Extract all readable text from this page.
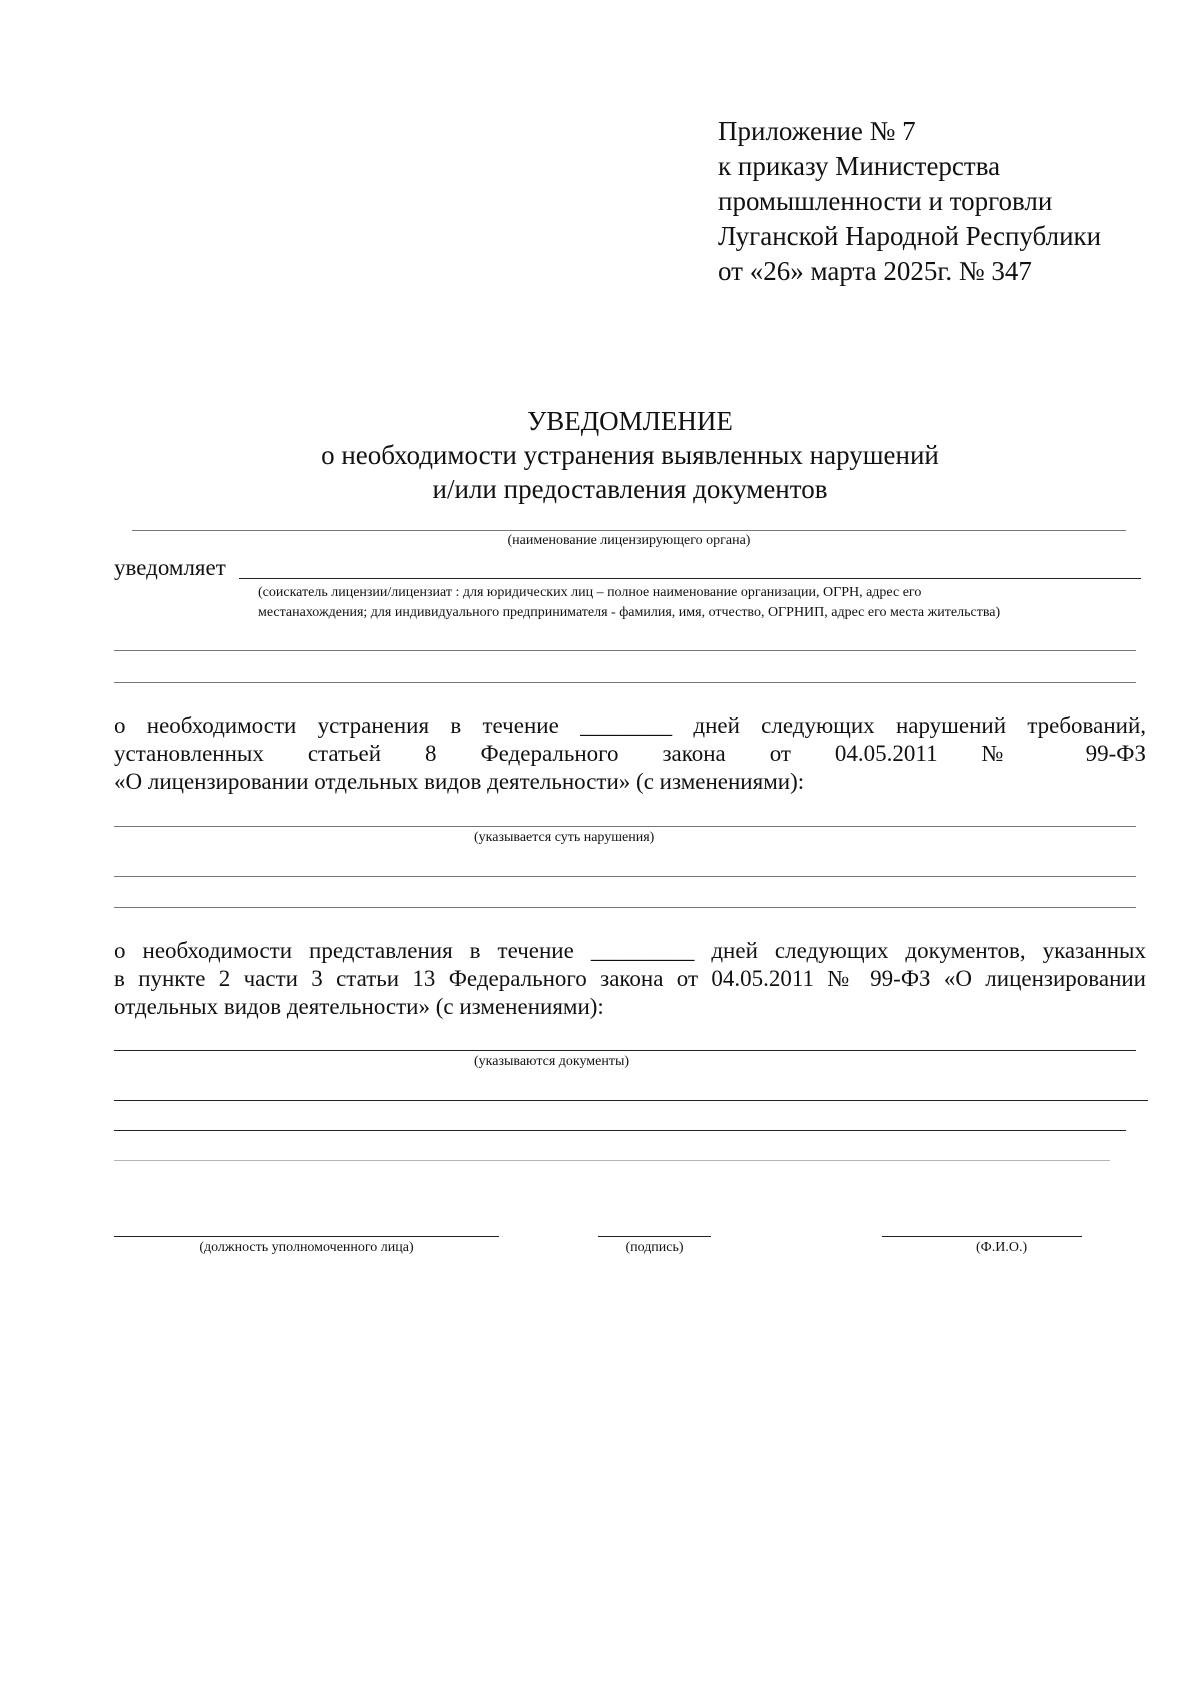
Приложение № 7
к приказу Министерства
промышленности и торговли
Луганской Народной Республики
от «26» марта 2025г. № 347
УВЕДОМЛЕНИЕ
о необходимости устранения выявленных нарушений
и/или предоставления документов
(наименование лицензирующего органа)
уведомляет
(соискатель лицензии/лицензиат : для юридических лиц – полное наименование организации, ОГРН, адрес его
местанахождения; для индивидуального предпринимателя - фамилия, имя, отчество, ОГРНИП, адрес его места жительства)
о необходимости устранения в течение ________ дней следующих нарушений требований,
установленных статьей 8 Федерального закона от 04.05.2011 № 99-ФЗ
«О лицензировании отдельных видов деятельности» (с изменениями):
(указывается суть нарушения)
о необходимости представления в течение _________ дней следующих документов, указанных
в пункте 2 части 3 статьи 13 Федерального закона от 04.05.2011 № 99-ФЗ «О лицензировании
отдельных видов деятельности» (с изменениями):
(указываются документы)
(должность уполномоченного лица)	(подпись)	(Ф.И.О.)
